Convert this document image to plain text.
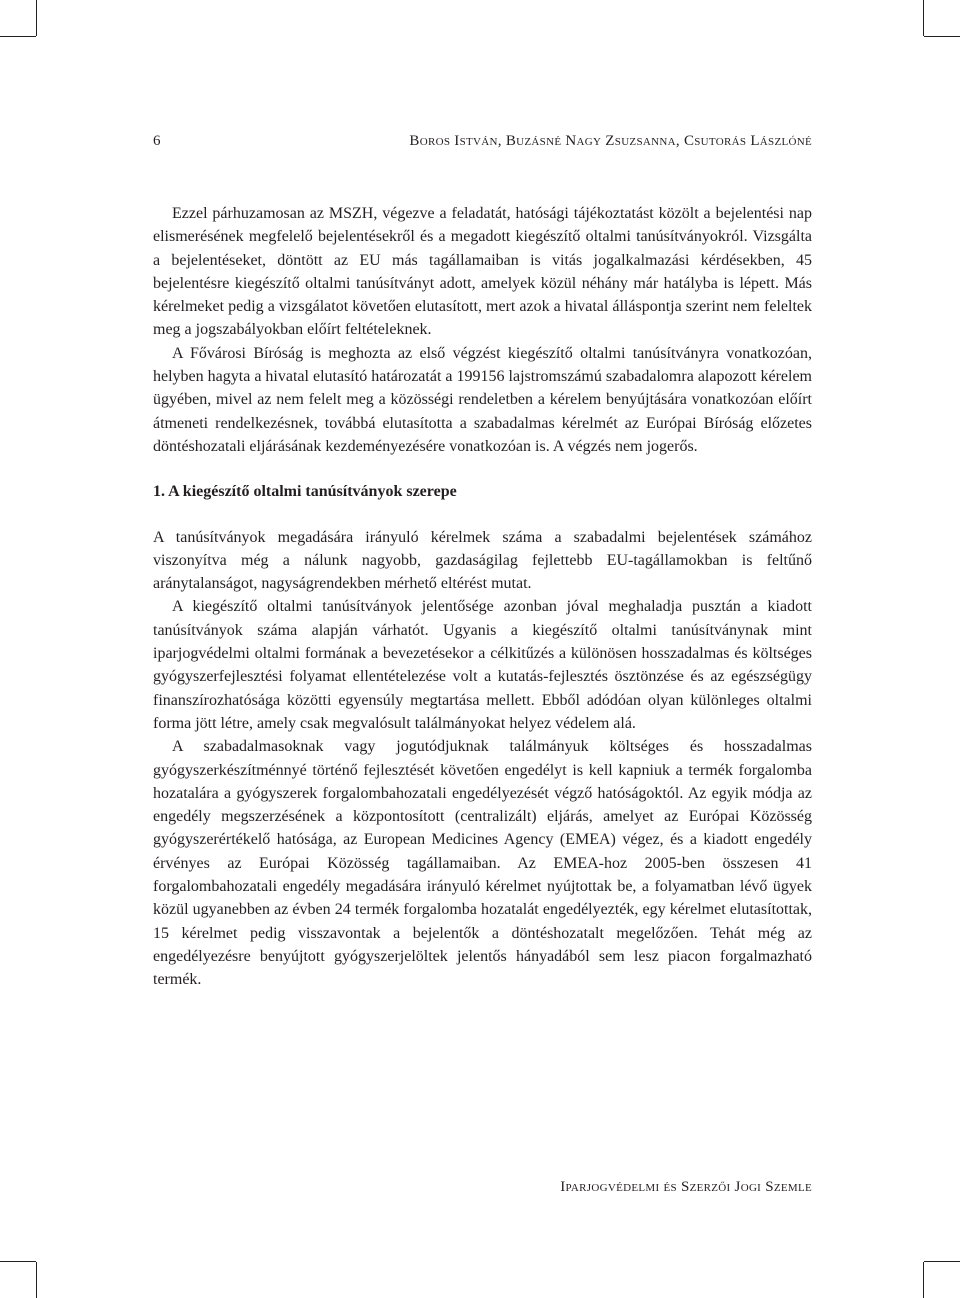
6	Boros István, Buzásné Nagy Zsuzsanna, Csutorás Lászlóné

Ezzel párhuzamosan az MSZH, végezve a feladatát, hatósági tájékoztatást közölt a bejelentési nap elismerésének megfelelő bejelentésekről és a megadott kiegészítő oltalmi tanúsítványokról. Vizsgálta a bejelentéseket, döntött az EU más tagállamaiban is vitás jogalkalmazási kérdésekben, 45 bejelentésre kiegészítő oltalmi tanúsítványt adott, amelyek közül néhány már hatályba is lépett. Más kérelmeket pedig a vizsgálatot követően elutasított, mert azok a hivatal álláspontja szerint nem feleltek meg a jogszabályokban előírt feltételeknek.

A Fővárosi Bíróság is meghozta az első végzést kiegészítő oltalmi tanúsítványra vonatkozóan, helyben hagyta a hivatal elutasító határozatát a 199156 lajstromszámú szabadalomra alapozott kérelem ügyében, mivel az nem felelt meg a közösségi rendeletben a kérelem benyújtására vonatkozóan előírt átmeneti rendelkezésnek, továbbá elutasította a szabadalmas kérelmét az Európai Bíróság előzetes döntéshozatali eljárásának kezdeményezésére vonatkozóan is. A végzés nem jogerős.

1. A kiegészítő oltalmi tanúsítványok szerepe

A tanúsítványok megadására irányuló kérelmek száma a szabadalmi bejelentések számához viszonyítva még a nálunk nagyobb, gazdaságilag fejlettebb EU-tagállamokban is feltűnő aránytalanságot, nagyságrendekben mérhető eltérést mutat.

A kiegészítő oltalmi tanúsítványok jelentősége azonban jóval meghaladja pusztán a kiadott tanúsítványok száma alapján várhatót. Ugyanis a kiegészítő oltalmi tanúsítványnak mint iparjogvédelmi oltalmi formának a bevezetésekor a célkitűzés a különösen hosszadalmas és költséges gyógyszerfejlesztési folyamat ellentételezése volt a kutatás-fejlesztés ösztönzése és az egészségügy finanszírozhatósága közötti egyensúly megtartása mellett. Ebből adódóan olyan különleges oltalmi forma jött létre, amely csak megvalósult találmányokat helyez védelem alá.

A szabadalmasoknak vagy jogutódjuknak találmányuk költséges és hosszadalmas gyógyszerkészítménnyé történő fejlesztését követően engedélyt is kell kapniuk a termék forgalomba hozatalára a gyógyszerek forgalombahozatali engedélyezését végző hatóságoktól. Az egyik módja az engedély megszerzésének a központosított (centralizált) eljárás, amelyet az Európai Közösség gyógyszerértékelő hatósága, az European Medicines Agency (EMEA) végez, és a kiadott engedély érvényes az Európai Közösség tagállamaiban. Az EMEA-hoz 2005-ben összesen 41 forgalombahozatali engedély megadására irányuló kérelmet nyújtottak be, a folyamatban lévő ügyek közül ugyanebben az évben 24 termék forgalomba hozatalát engedélyezték, egy kérelmet elutasítottak, 15 kérelmet pedig visszavontak a bejelentők a döntéshozatalt megelőzően. Tehát még az engedélyezésre benyújtott gyógyszerjelöltek jelentős hányadából sem lesz piacon forgalmazható termék.

Iparjogvédelmi és Szerzői Jogi Szemle
